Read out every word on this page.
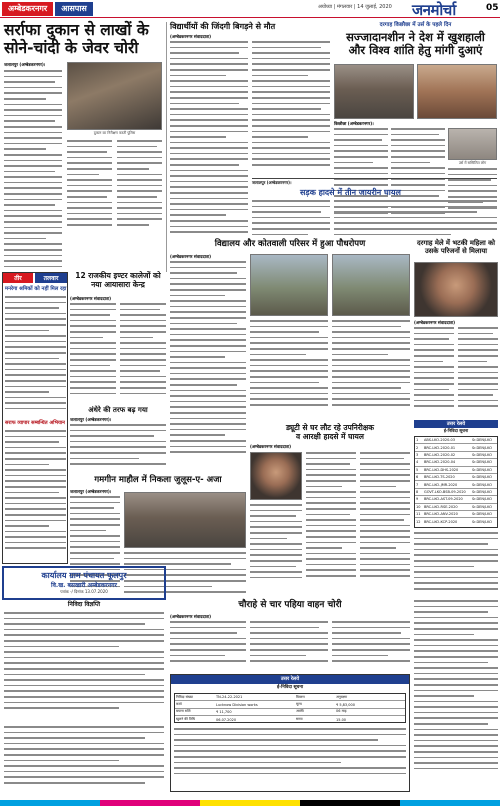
अम्बेडकरनगर	आसपास	अयोध्या | मंगलवार | 14 जुलाई, 2020 जनमोर्चा	05
सर्राफा दुकान से लाखों के
सोने-चांदी के जेवर चोरी

जलालपुर (अम्बेडकरनगर)।

दुकान का निरीक्षण करती पुलिस
विद्यार्थीयों की जिंदगी बिगड़ने से मौत

(अम्बेडकरनगर संवाददाता)

दरगाह किछौछा में उर्स के पहले दिन
सज्जादानशीन ने देश में खुशहाली
और विश्व शांति हेतु मांगी दुआएं

किछौछा (अम्बेडकरनगर)।

उर्स में सम्मिलित लोग
जलालपुर (अम्बेडकरनगर)।
सड़क हादसे में तीन जायरीन घायल
तीर	तलवार
मनरेगा श्रमिकों को नहीं मिल रहा
सराफ व्यापार सम्बन्धित अभियान
12 राजकीय इण्टर कालेजों को
नया आयासारा केन्द्र

(अम्बेडकरनगर संवाददाता)

अंधेरे की तरफ बढ़ गया

जलालपुर (अम्बेडकरनगर)।

गमगीन माहौल में निकला जुलूस-ए- अजा

जलालपुर (अम्बेडकरनगर)।

विद्यालय और कोतवाली परिसर में हुआ पौधरोपण

(अम्बेडकरनगर संवाददाता)

ड्यूटी से घर लौट रहे उपनिरीक्षक
व आरक्षी हादसे में घायल

(अम्बेडकरनगर संवाददाता)

दरगाह मेले में भटकी महिला को
उसके परिजनों से मिलाया

(अम्बेडकरनगर संवाददाता)

उत्तर रेलवे
ई-निविदा सूचना
1	ABS-LKO-2020-03	Sr.DEN/LKO
2	BRC-LKO-2020-01	Sr.DEN/LKO
3	BRC-LKO-2020-02	Sr.DEN/LKO
4	BRC-LKO-2020-04	Sr.DEN/LKO
5	BRC-LKO-DHS-2020	Sr.DEN/LKO
6	BRC-LKO-TS-2020	Sr.DEN/LKO
7	BRC-LKO-JMR-2020	Sr.DEN/LKO
8	GOVT-LKO-BSB-09-2020	Sr.DEN/LKO
9	BRC-LKO-AST-09-2020	Sr.DEN/LKO
10	BRC-LKO-RSE-2020	Sr.DEN/LKO
11	BRC-LKO-ANV-2020	Sr.DEN/LKO
12	BRC-LKO-KCP-2020	Sr.DEN/LKO
कार्यालय ग्राम पंचायत फूलपुर
वि.ख. बसखारी अम्बेडकरनगर
पत्रांक -/ दिनांक 13.07.2020
निविदा विज्ञप्ति	चौराहे से चार पहिया वाहन चोरी

(अम्बेडकरनगर संवाददाता)

उत्तर रेलवे
ई-निविदा सूचना
निविदा संख्या	TN-24-22-2021	विवरण	अनुरक्षण
कार्य	Lucknow Division works	मूल्य	₹ 5,83,000
बयाना राशि	₹ 11,700	अवधि	06 माह
खुलने की तिथि	06.07.2020	समय	15.00
